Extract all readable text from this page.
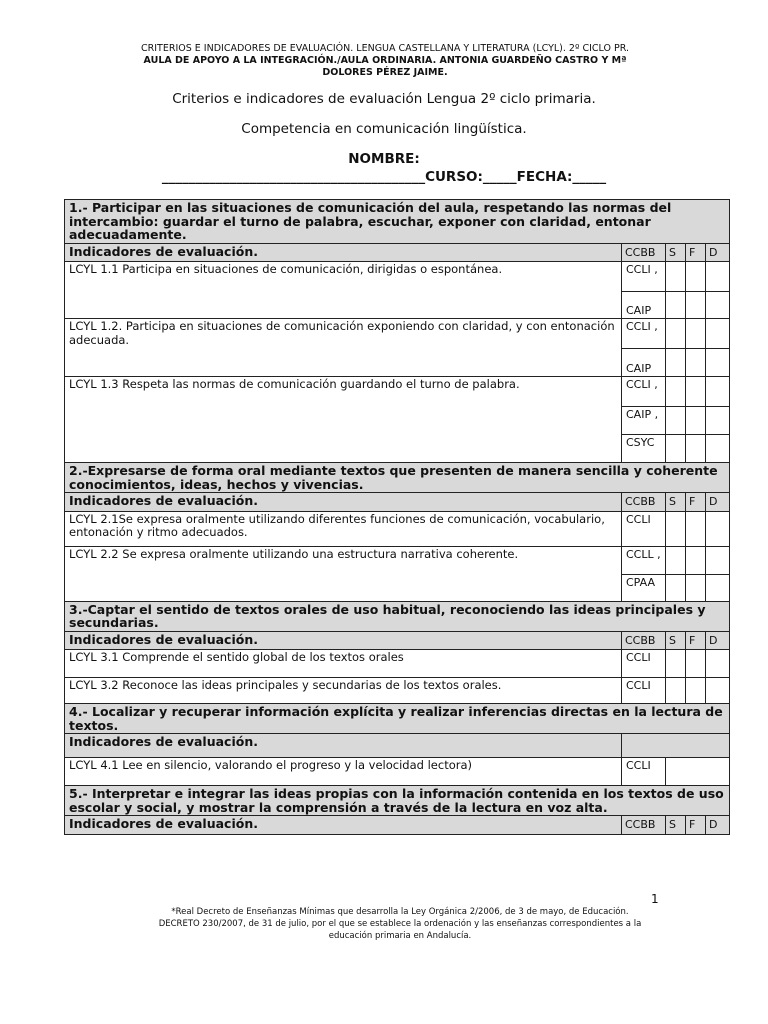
CRITERIOS E INDICADORES DE EVALUACIÓN. LENGUA CASTELLANA Y LITERATURA (LCYL). 2º CICLO PR.
AULA DE APOYO A LA INTEGRACIÓN./AULA ORDINARIA. ANTONIA GUARDEÑO CASTRO Y Mª
DOLORES PÉREZ JAIME.
Criterios e indicadores de evaluación Lengua 2º ciclo primaria.
Competencia en comunicación lingüística.
NOMBRE:
_______________________________________CURSO:_____FECHA:_____
1.- Participar en las situaciones de comunicación del aula, respetando las normas del intercambio: guardar el turno de palabra, escuchar, exponer con claridad, entonar adecuadamente.				
Indicadores de evaluación.	CCBB	S	F	D
LCYL 1.1 Participa en situaciones de comunicación, dirigidas o espontánea.	CCLI ,			
	CAIP			
LCYL 1.2. Participa en situaciones de comunicación exponiendo con claridad, y con entonación adecuada.	CCLI ,			
	CAIP			
LCYL 1.3 Respeta las normas de comunicación guardando el turno de palabra.	CCLI ,			
	CAIP ,			
	CSYC			
2.-Expresarse de forma oral mediante textos que presenten de manera sencilla y coherente conocimientos, ideas, hechos y vivencias.				
Indicadores de evaluación.	CCBB	S	F	D
LCYL 2.1Se expresa oralmente utilizando diferentes funciones de comunicación, vocabulario, entonación y ritmo adecuados.	CCLI			
LCYL 2.2 Se expresa oralmente utilizando una estructura narrativa coherente.	CCLL ,			
	CPAA			
3.-Captar el sentido de textos orales de uso habitual, reconociendo las ideas principales y secundarias.				
Indicadores de evaluación.	CCBB	S	F	D
LCYL 3.1 Comprende el sentido global de los textos orales	CCLI			
LCYL 3.2 Reconoce las ideas principales y secundarias de los textos orales.	CCLI			
4.- Localizar y recuperar información explícita y realizar inferencias directas en la lectura de textos.				
Indicadores de evaluación.				
LCYL 4.1 Lee en silencio, valorando el progreso y la velocidad lectora)	CCLI			
5.- Interpretar e integrar las ideas propias con la información contenida en los textos de uso escolar y social, y mostrar la comprensión a través de la lectura en voz alta.				
Indicadores de evaluación.	CCBB	S	F	D
1
*Real Decreto de Enseñanzas Mínimas que desarrolla la Ley Orgánica 2/2006, de 3 de mayo, de Educación. DECRETO 230/2007, de 31 de julio, por el que se establece la ordenación y las enseñanzas correspondientes a la educación primaria en Andalucía.
